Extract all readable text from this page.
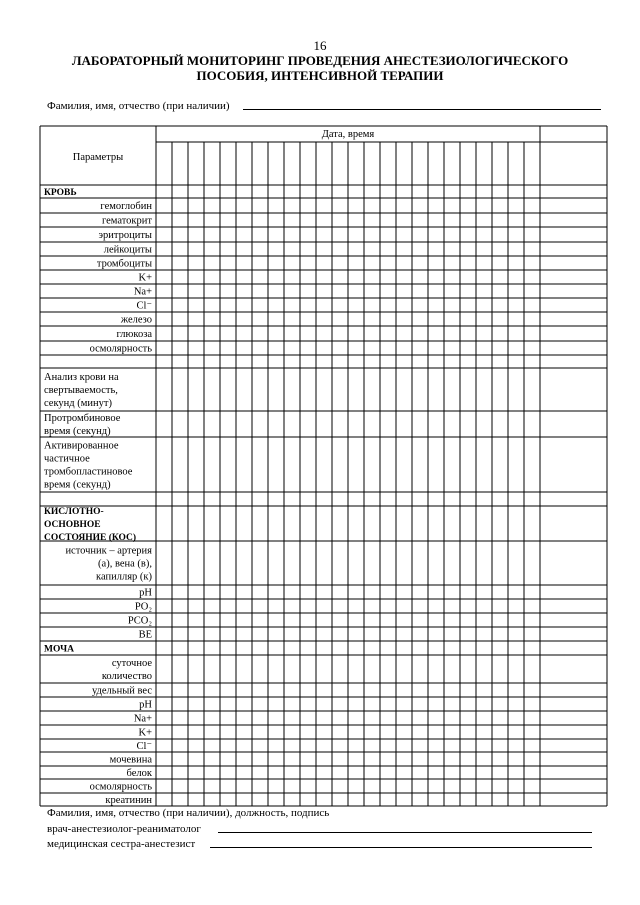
16
ЛАБОРАТОРНЫЙ МОНИТОРИНГ ПРОВЕДЕНИЯ АНЕСТЕЗИОЛОГИЧЕСКОГО
ПОСОБИЯ, ИНТЕНСИВНОЙ ТЕРАПИИ
Фамилия, имя, отчество (при наличии)
Дата, время
Параметры
КРОВЬ
гемоглобин
гематокрит
эритроциты
лейкоциты
тромбоциты
K+
Na+
Cl⁻
железо
глюкоза
осмолярность
Анализ крови на
свертываемость,
секунд (минут)
Протромбиновое
время (секунд)
Активированное
частичное
тромбопластиновое
время (секунд)
КИСЛОТНО-
ОСНОВНОЕ
СОСТОЯНИЕ (КОС)
источник – артерия
(а), вена (в),
капилляр (к)
pH
PO₂
PCO₂
BE
МОЧА
суточное
количество
удельный вес
pH
Na+
K+
Cl⁻
мочевина
белок
осмолярность
креатинин
Фамилия, имя, отчество (при наличии), должность, подпись
врач-анестезиолог-реаниматолог
медицинская сестра-анестезист
